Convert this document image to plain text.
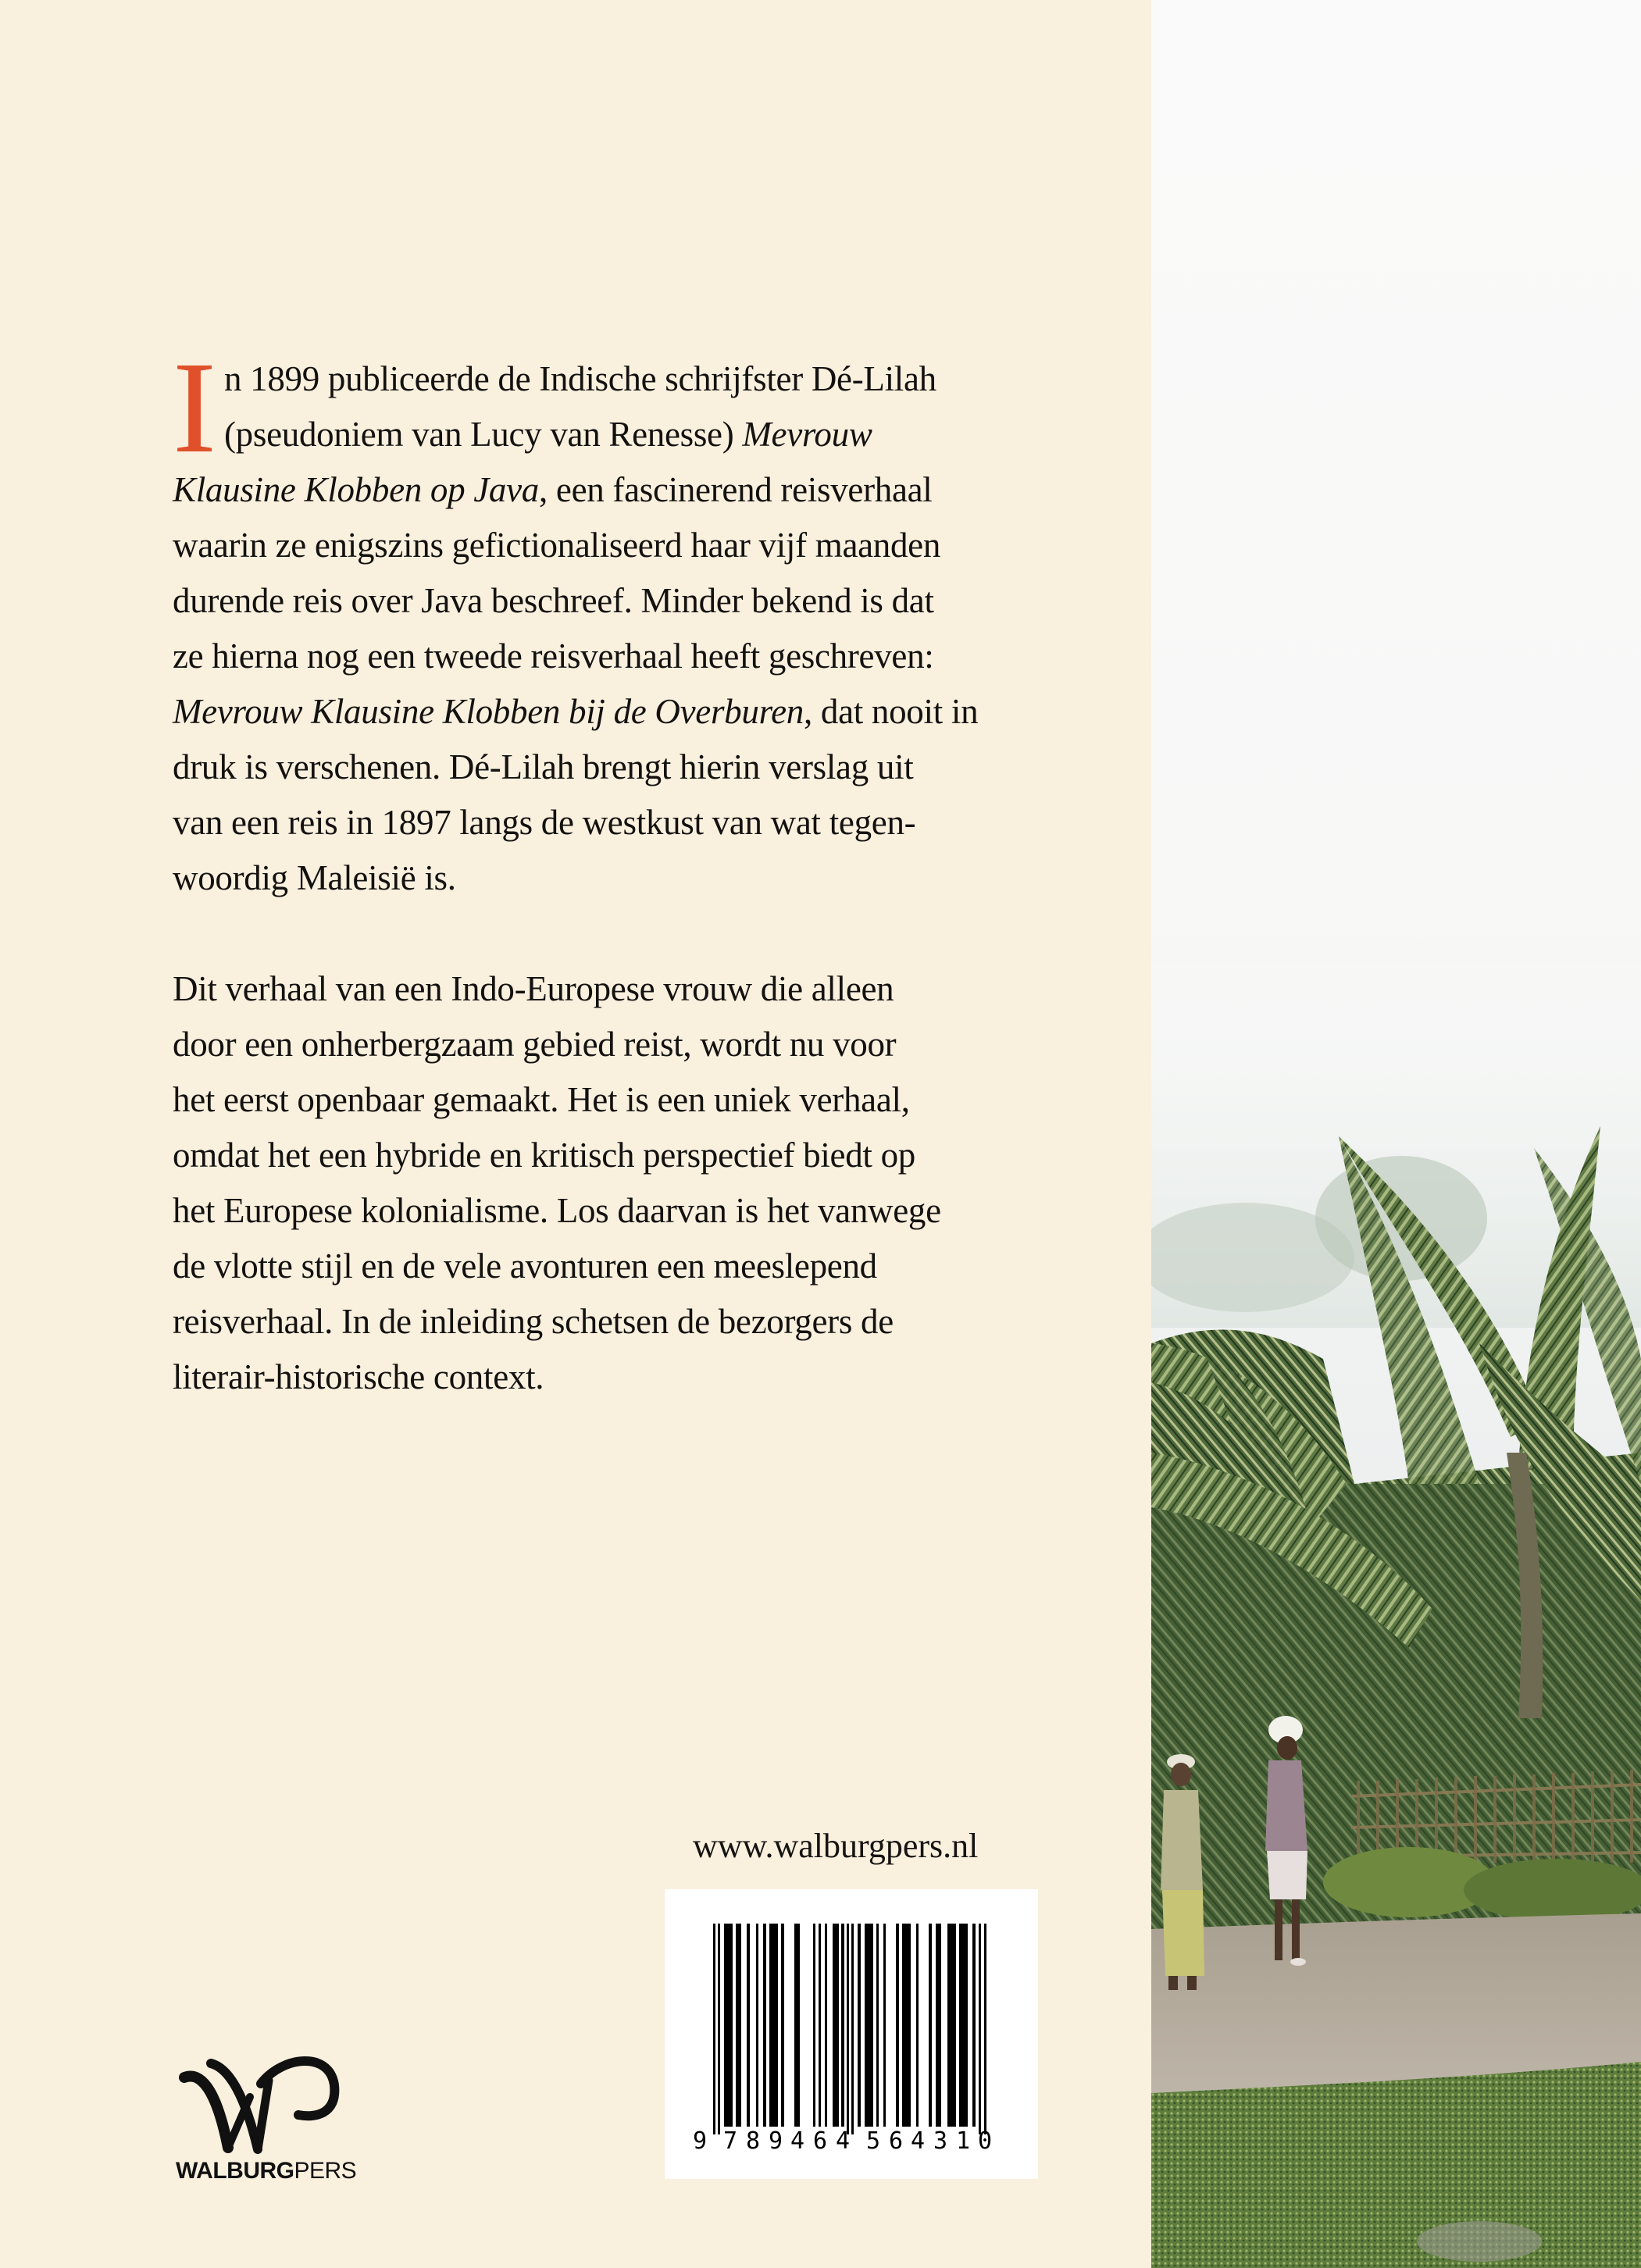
I n 1899 publiceerde de Indische schrijfster Dé-Lilah
(pseudoniem van Lucy van Renesse) Mevrouw
Klausine Klobben op Java, een fascinerend reisverhaal
waarin ze enigszins gefictionaliseerd haar vijf maanden
durende reis over Java beschreef. Minder bekend is dat
ze hierna nog een tweede reisverhaal heeft geschreven:
Mevrouw Klausine Klobben bij de Overburen, dat nooit in
druk is verschenen. Dé-Lilah brengt hierin verslag uit
van een reis in 1897 langs de westkust van wat tegen-
woordig Maleisië is.

Dit verhaal van een Indo-Europese vrouw die alleen
door een onherbergzaam gebied reist, wordt nu voor
het eerst openbaar gemaakt. Het is een uniek verhaal,
omdat het een hybride en kritisch perspectief biedt op
het Europese kolonialisme. Los daarvan is het vanwege
de vlotte stijl en de vele avonturen een meeslepend
reisverhaal. In de inleiding schetsen de bezorgers de
literair-historische context.

www.walburgpers.nl
9 7 8 9 4 6 4 5 6 4 3 1 0
WALBURGPERS
